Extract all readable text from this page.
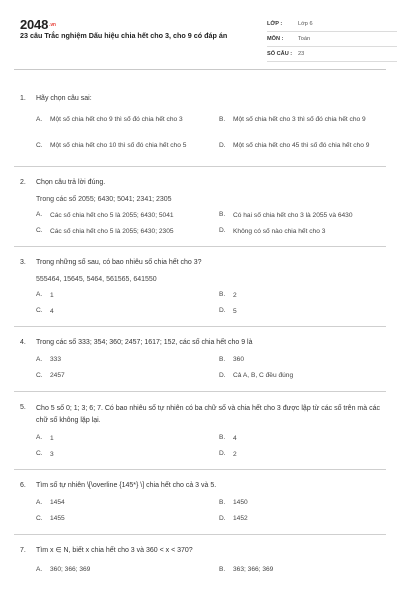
2048.vn
23 câu Trắc nghiệm Dấu hiệu chia hết cho 3, cho 9 có đáp án
LỚP :	Lớp 6
MÔN :	Toán
SỐ CÂU :	23
1.	Hãy chọn câu sai:
A.	Một số chia hết cho 9 thì số đó chia hết cho 3	B.	Một số chia hết cho 3 thì số đó chia hết cho 9
C.	Một số chia hết cho 10 thì số đó chia hết cho 5	D.	Một số chia hết cho 45 thì số đó chia hết cho 9
2.	Chọn câu trả lời đúng.
Trong các số 2055; 6430; 5041; 2341; 2305
A.	Các số chia hết cho 5 là 2055; 6430; 5041	B.	Có hai số chia hết cho 3 là 2055 và 6430
C.	Các số chia hết cho 5 là 2055; 6430; 2305	D.	Không có số nào chia hết cho 3
3.	Trong những số sau, có bao nhiêu số chia hết cho 3?
555464, 15645, 5464, 561565, 641550
A.	1	B.	2
C.	4	D.	5
4.	Trong các số 333; 354; 360; 2457; 1617; 152, các số chia hết cho 9 là
A.	333	B.	360
C.	2457	D.	Cả A, B, C đều đúng
5.	Cho 5 số 0; 1; 3; 6; 7. Có bao nhiêu số tự nhiên có ba chữ số và chia hết cho 3 được lập từ các số trên mà các chữ số không lặp lại.
A.	1	B.	4
C.	3	D.	2
6.	Tìm số tự nhiên \[\overline {145*} \] chia hết cho cả 3 và 5.
A.	1454	B.	1450
C.	1455	D.	1452
7.	Tìm x ∈ N, biết x chia hết cho 3 và 360 < x < 370?
A.	360; 366; 369	B.	363; 366; 369
